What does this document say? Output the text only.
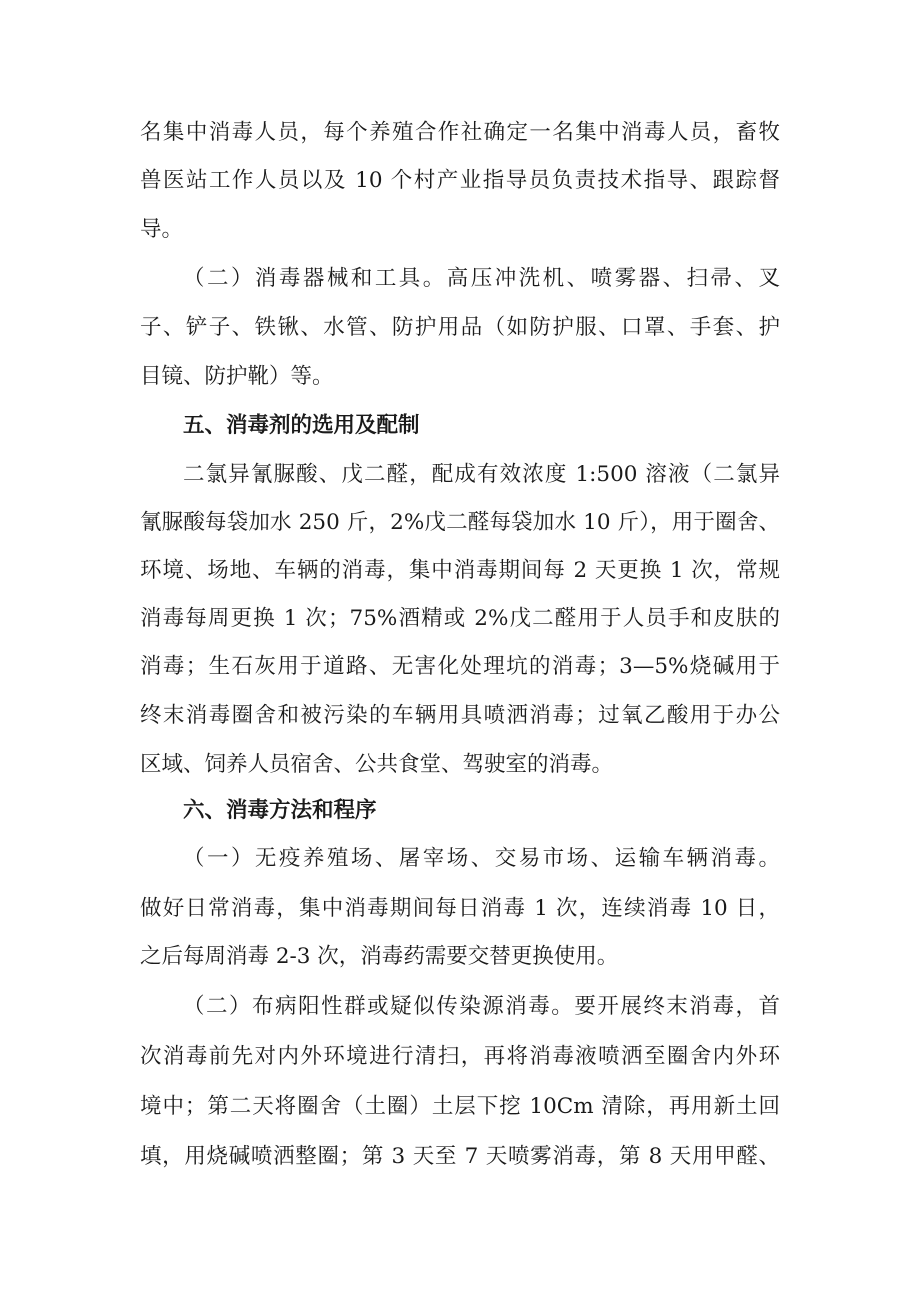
名集中消毒人员，每个养殖合作社确定一名集中消毒人员，畜牧
兽医站工作人员以及 10 个村产业指导员负责技术指导、跟踪督
导。
（二）消毒器械和工具。高压冲洗机、喷雾器、扫帚、叉
子、铲子、铁锹、水管、防护用品（如防护服、口罩、手套、护
目镜、防护靴）等。
五、消毒剂的选用及配制
二氯异氰脲酸、戊二醛，配成有效浓度 1:500 溶液（二氯异
氰脲酸每袋加水 250 斤，2%戊二醛每袋加水 10 斤），用于圈舍、
环境、场地、车辆的消毒，集中消毒期间每 2 天更换 1 次，常规
消毒每周更换 1 次；75%酒精或 2%戊二醛用于人员手和皮肤的
消毒；生石灰用于道路、无害化处理坑的消毒；3—5%烧碱用于
终末消毒圈舍和被污染的车辆用具喷洒消毒；过氧乙酸用于办公
区域、饲养人员宿舍、公共食堂、驾驶室的消毒。
六、消毒方法和程序
（一）无疫养殖场、屠宰场、交易市场、运输车辆消毒。
做好日常消毒，集中消毒期间每日消毒 1 次，连续消毒 10 日，
之后每周消毒 2-3 次，消毒药需要交替更换使用。
（二）布病阳性群或疑似传染源消毒。要开展终末消毒，首
次消毒前先对内外环境进行清扫，再将消毒液喷洒至圈舍内外环
境中；第二天将圈舍（土圈）土层下挖 10Cm 清除，再用新土回
填，用烧碱喷洒整圈；第 3 天至 7 天喷雾消毒，第 8 天用甲醛、
